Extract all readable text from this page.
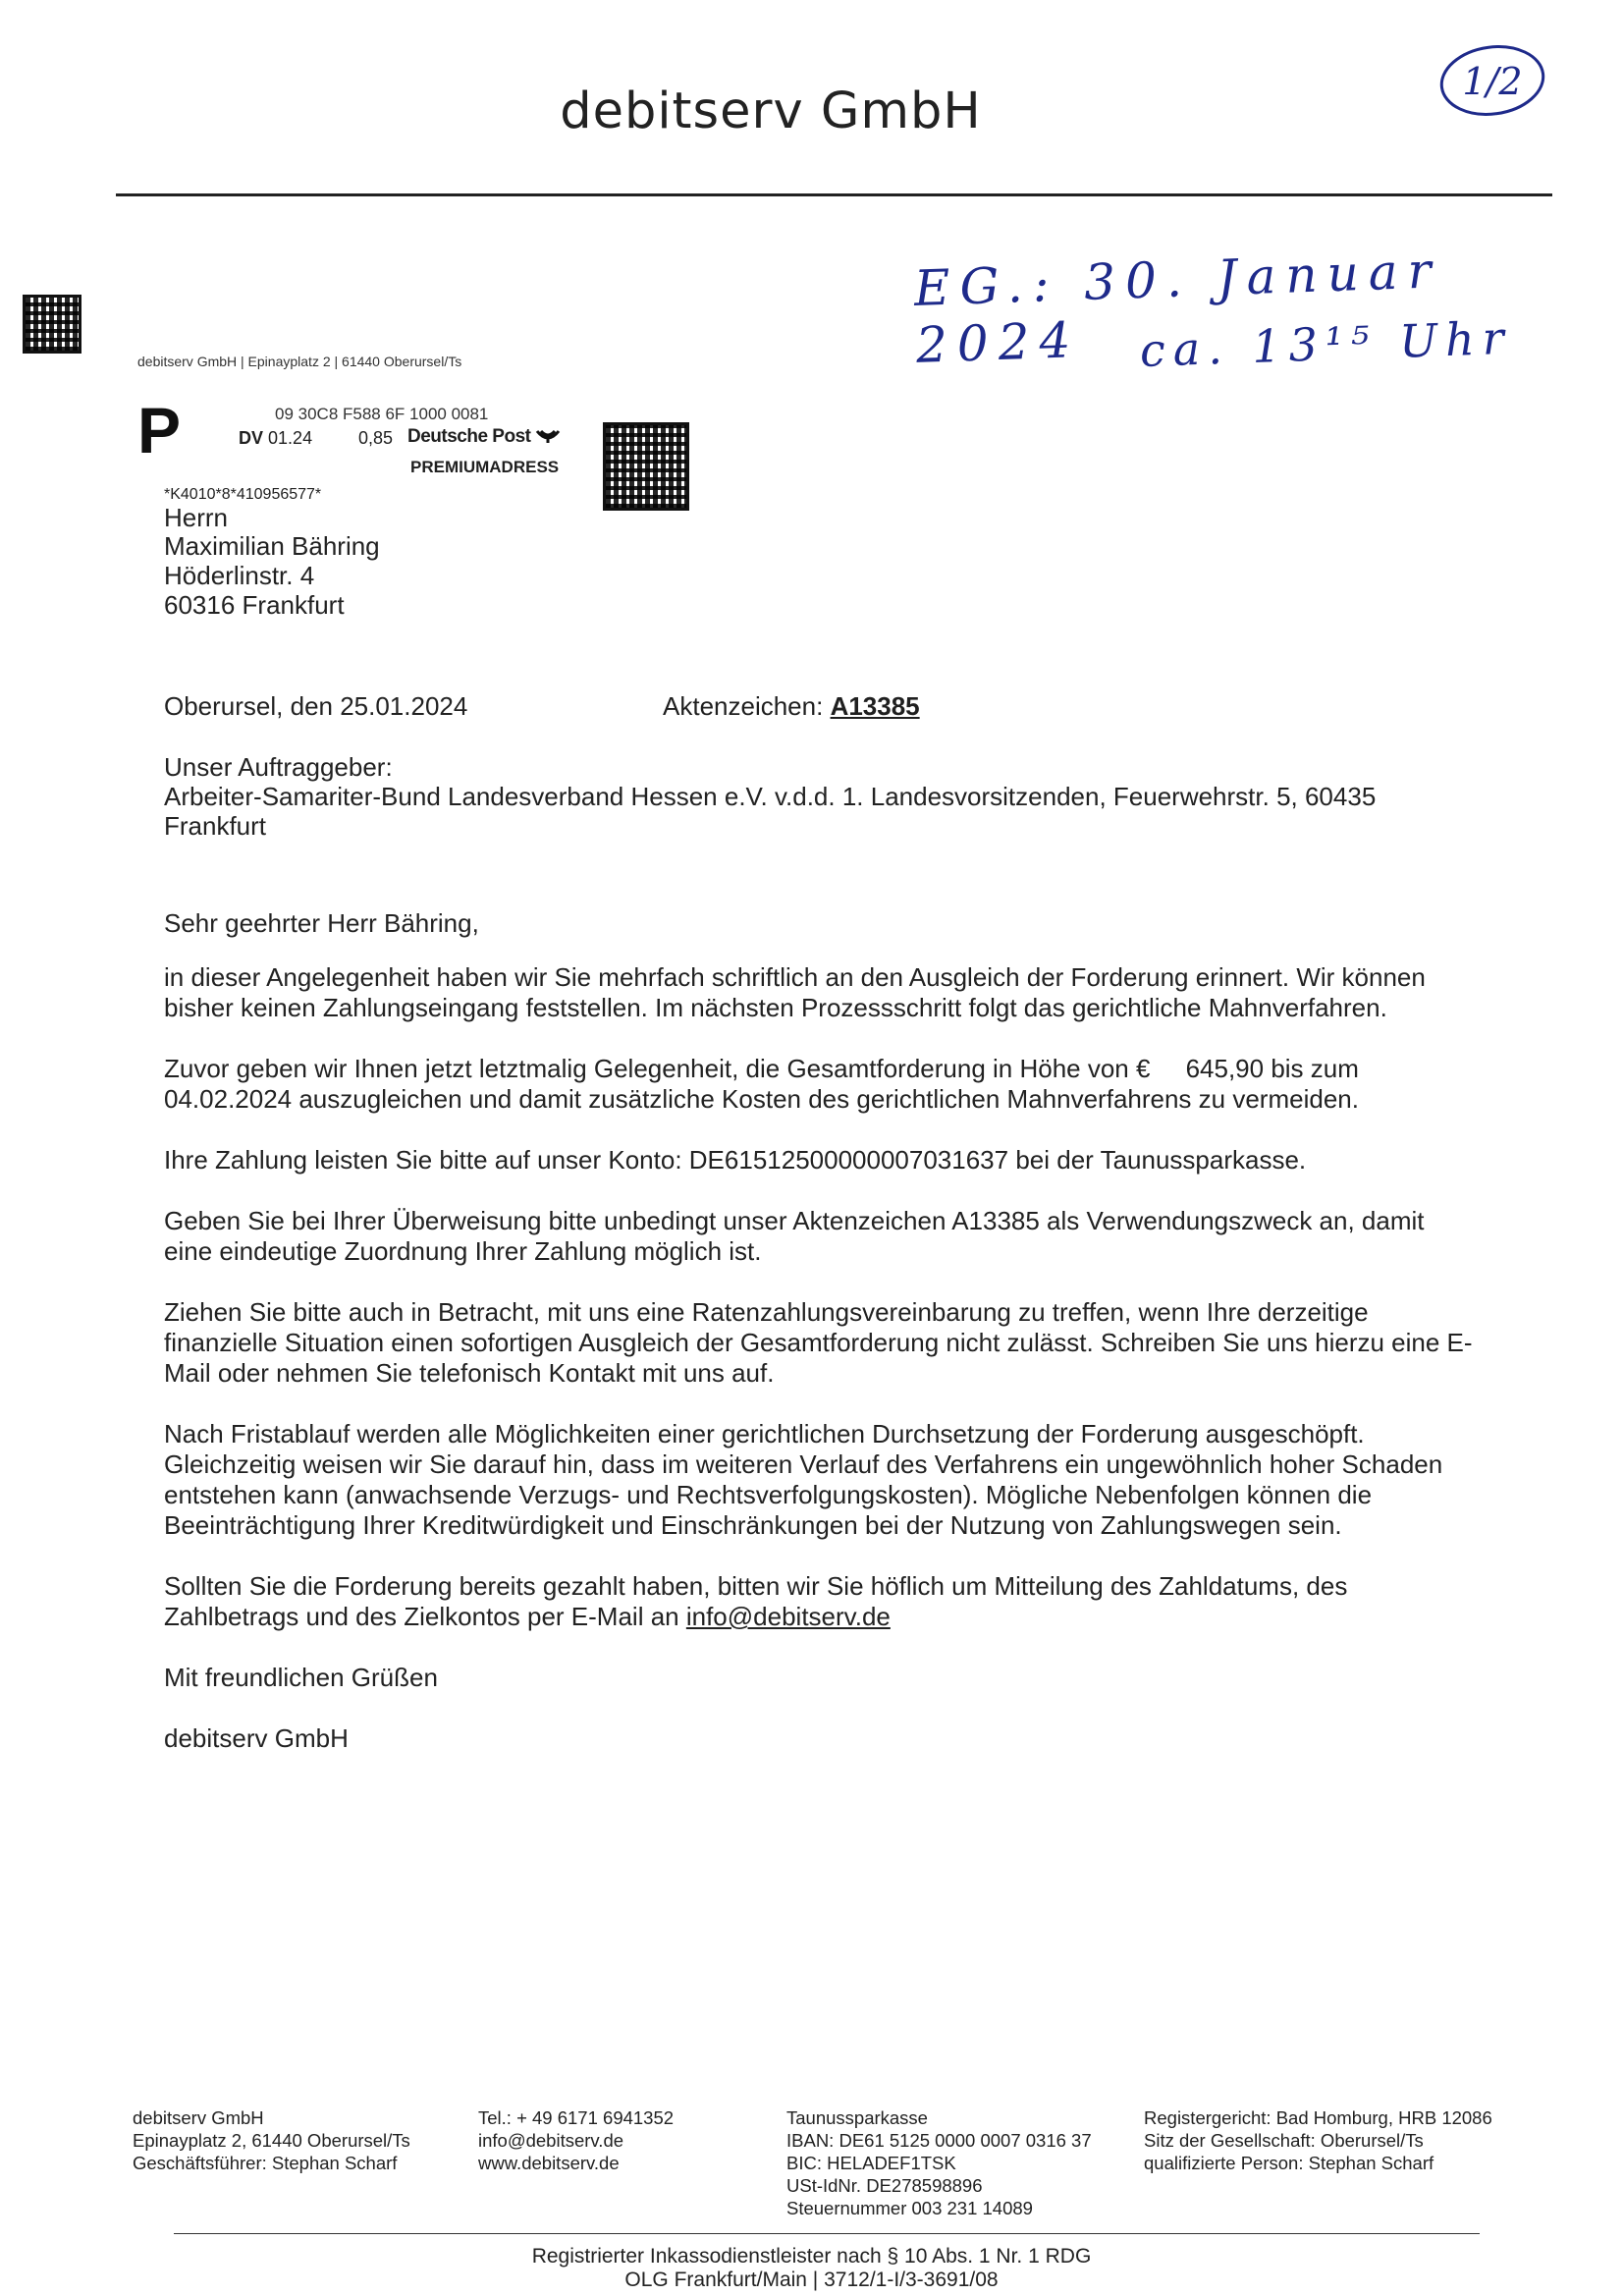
debitserv GmbH
1/2
EG.: 30. Januar 2024	ca. 13¹⁵ Uhr
debitserv GmbH | Epinayplatz 2 | 61440 Oberursel/Ts
P	09 30C8 F588 6F 1000 0081
DV 01.24	0,85 Deutsche Post
PREMIUMADRESS
*K4010*8*410956577*
Herrn
Maximilian Bähring
Höderlinstr. 4
60316 Frankfurt
Oberursel, den 25.01.2024	Aktenzeichen: A13385
Unser Auftraggeber:
Arbeiter-Samariter-Bund Landesverband Hessen e.V. v.d.d. 1. Landesvorsitzenden, Feuerwehrstr. 5, 60435
Frankfurt
Sehr geehrter Herr Bähring,
in dieser Angelegenheit haben wir Sie mehrfach schriftlich an den Ausgleich der Forderung erinnert. Wir können
bisher keinen Zahlungseingang feststellen. Im nächsten Prozessschritt folgt das gerichtliche Mahnverfahren.
Zuvor geben wir Ihnen jetzt letztmalig Gelegenheit, die Gesamtforderung in Höhe von €     645,90 bis zum
04.02.2024 auszugleichen und damit zusätzliche Kosten des gerichtlichen Mahnverfahrens zu vermeiden.
Ihre Zahlung leisten Sie bitte auf unser Konto: DE61512500000007031637 bei der Taunussparkasse.
Geben Sie bei Ihrer Überweisung bitte unbedingt unser Aktenzeichen A13385 als Verwendungszweck an, damit
eine eindeutige Zuordnung Ihrer Zahlung möglich ist.
Ziehen Sie bitte auch in Betracht, mit uns eine Ratenzahlungsvereinbarung zu treffen, wenn Ihre derzeitige
finanzielle Situation einen sofortigen Ausgleich der Gesamtforderung nicht zulässt. Schreiben Sie uns hierzu eine E-
Mail oder nehmen Sie telefonisch Kontakt mit uns auf.
Nach Fristablauf werden alle Möglichkeiten einer gerichtlichen Durchsetzung der Forderung ausgeschöpft.
Gleichzeitig weisen wir Sie darauf hin, dass im weiteren Verlauf des Verfahrens ein ungewöhnlich hoher Schaden
entstehen kann (anwachsende Verzugs- und Rechtsverfolgungskosten). Mögliche Nebenfolgen können die
Beeinträchtigung Ihrer Kreditwürdigkeit und Einschränkungen bei der Nutzung von Zahlungswegen sein.
Sollten Sie die Forderung bereits gezahlt haben, bitten wir Sie höflich um Mitteilung des Zahldatums, des
Zahlbetrags und des Zielkontos per E-Mail an info@debitserv.de
Mit freundlichen Grüßen
debitserv GmbH
debitserv GmbH
Epinayplatz 2, 61440 Oberursel/Ts
Geschäftsführer: Stephan Scharf
Tel.: + 49 6171 6941352
info@debitserv.de
www.debitserv.de
Taunussparkasse
IBAN: DE61 5125 0000 0007 0316 37
BIC: HELADEF1TSK
USt-IdNr. DE278598896
Steuernummer 003 231 14089
Registergericht: Bad Homburg, HRB 12086
Sitz der Gesellschaft: Oberursel/Ts
qualifizierte Person: Stephan Scharf
Registrierter Inkassodienstleister nach § 10 Abs. 1 Nr. 1 RDG
OLG Frankfurt/Main | 3712/1-I/3-3691/08
